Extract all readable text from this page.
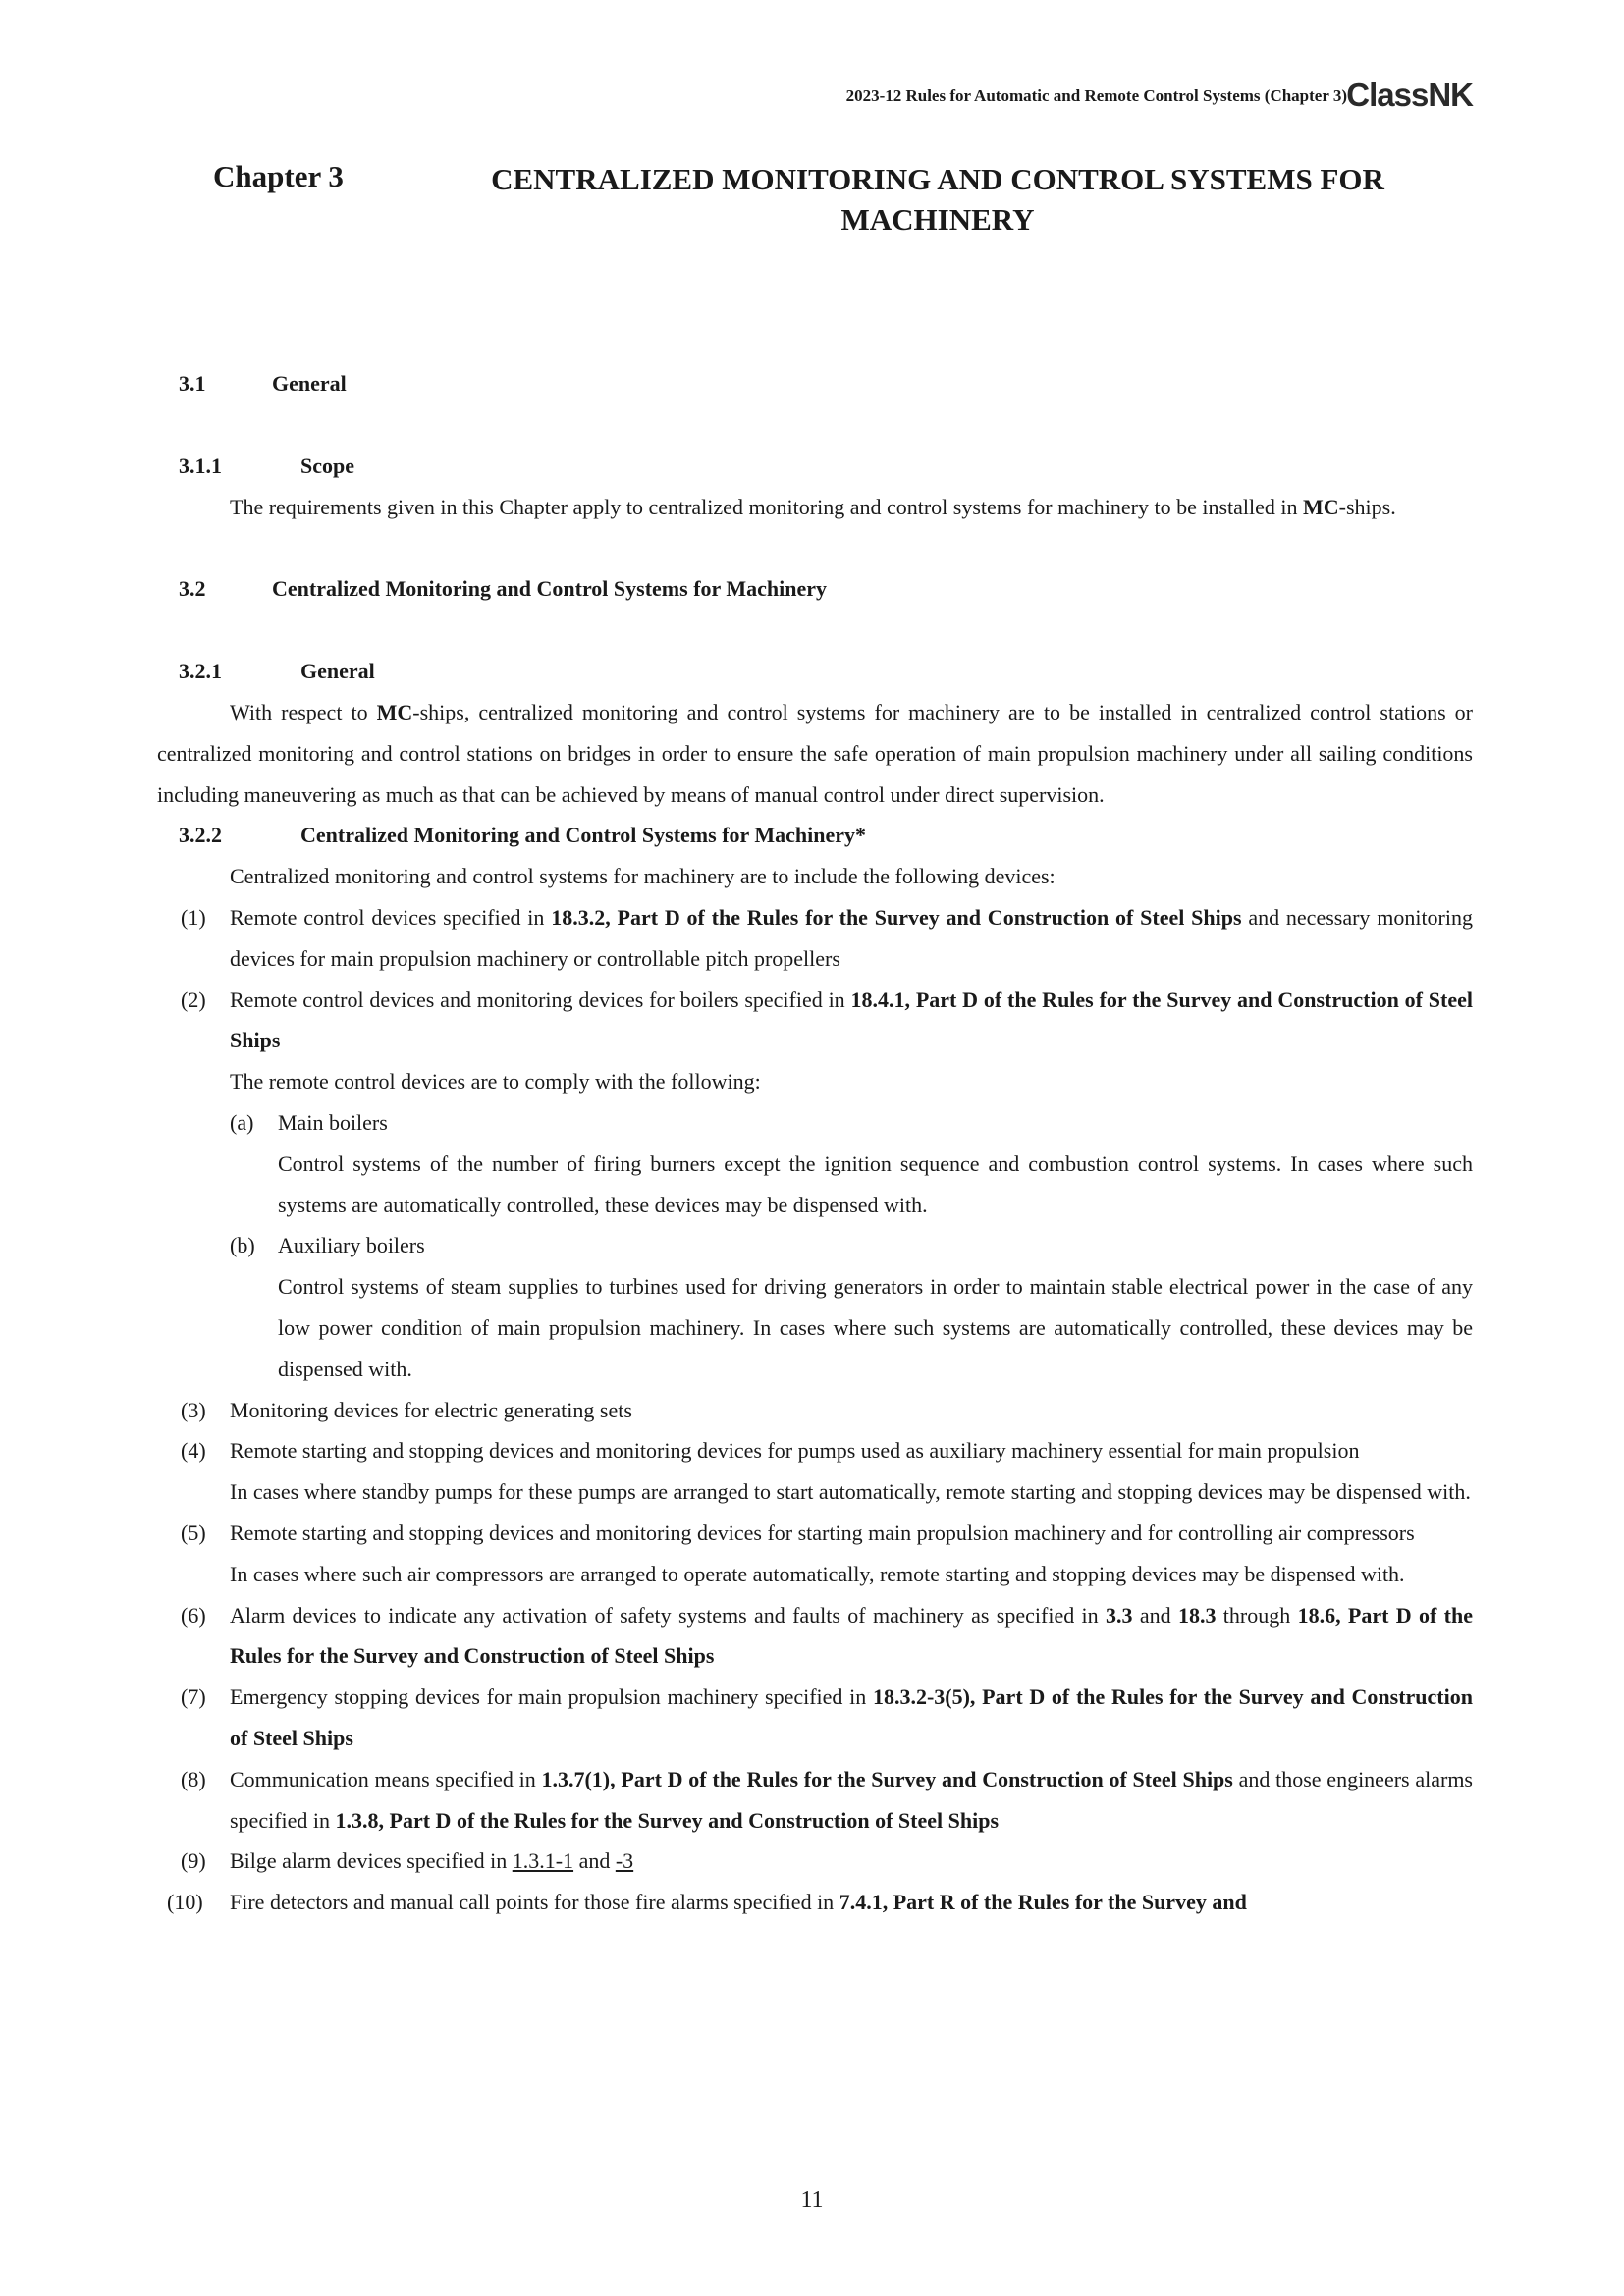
2023-12 Rules for Automatic and Remote Control Systems (Chapter 3) ClassNK
Chapter 3	CENTRALIZED MONITORING AND CONTROL SYSTEMS FOR MACHINERY
3.1	General
3.1.1	Scope
The requirements given in this Chapter apply to centralized monitoring and control systems for machinery to be installed in MC-ships.
3.2	Centralized Monitoring and Control Systems for Machinery
3.2.1	General
With respect to MC-ships, centralized monitoring and control systems for machinery are to be installed in centralized control stations or centralized monitoring and control stations on bridges in order to ensure the safe operation of main propulsion machinery under all sailing conditions including maneuvering as much as that can be achieved by means of manual control under direct supervision.
3.2.2	Centralized Monitoring and Control Systems for Machinery*
Centralized monitoring and control systems for machinery are to include the following devices:
(1) Remote control devices specified in 18.3.2, Part D of the Rules for the Survey and Construction of Steel Ships and necessary monitoring devices for main propulsion machinery or controllable pitch propellers
(2) Remote control devices and monitoring devices for boilers specified in 18.4.1, Part D of the Rules for the Survey and Construction of Steel Ships
The remote control devices are to comply with the following:
(a) Main boilers
Control systems of the number of firing burners except the ignition sequence and combustion control systems. In cases where such systems are automatically controlled, these devices may be dispensed with.
(b) Auxiliary boilers
Control systems of steam supplies to turbines used for driving generators in order to maintain stable electrical power in the case of any low power condition of main propulsion machinery. In cases where such systems are automatically controlled, these devices may be dispensed with.
(3) Monitoring devices for electric generating sets
(4) Remote starting and stopping devices and monitoring devices for pumps used as auxiliary machinery essential for main propulsion
In cases where standby pumps for these pumps are arranged to start automatically, remote starting and stopping devices may be dispensed with.
(5) Remote starting and stopping devices and monitoring devices for starting main propulsion machinery and for controlling air compressors
In cases where such air compressors are arranged to operate automatically, remote starting and stopping devices may be dispensed with.
(6) Alarm devices to indicate any activation of safety systems and faults of machinery as specified in 3.3 and 18.3 through 18.6, Part D of the Rules for the Survey and Construction of Steel Ships
(7) Emergency stopping devices for main propulsion machinery specified in 18.3.2-3(5), Part D of the Rules for the Survey and Construction of Steel Ships
(8) Communication means specified in 1.3.7(1), Part D of the Rules for the Survey and Construction of Steel Ships and those engineers alarms specified in 1.3.8, Part D of the Rules for the Survey and Construction of Steel Ships
(9) Bilge alarm devices specified in 1.3.1-1 and -3
(10) Fire detectors and manual call points for those fire alarms specified in 7.4.1, Part R of the Rules for the Survey and
11
